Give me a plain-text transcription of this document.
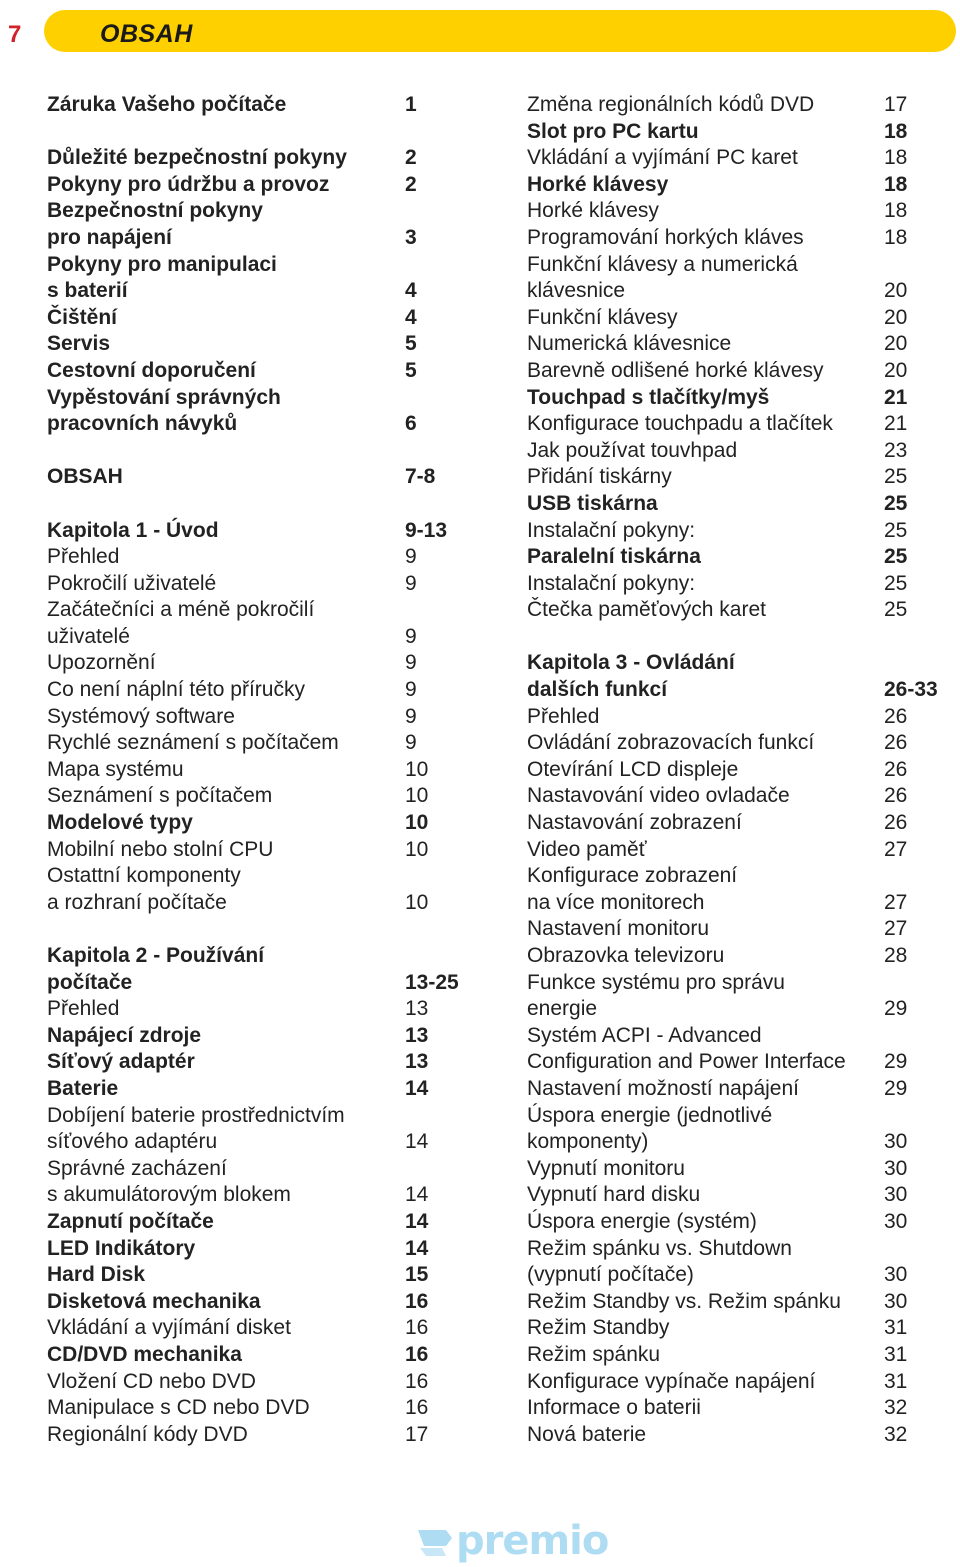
7	OBSAH
Záruka Vašeho počítače	1
Důležité bezpečnostní pokyny	2
Pokyny pro údržbu a provoz	2
Bezpečnostní pokyny
pro napájení	3
Pokyny pro manipulaci
s baterií	4
Čištění	4
Servis	5
Cestovní doporučení	5
Vypěstování správných
pracovních návyků	6
OBSAH	7-8
Kapitola 1 - Úvod	9-13
Přehled	9
Pokročilí uživatelé	9
Začátečníci a méně pokročilí
uživatelé	9
Upozornění	9
Co není náplní této příručky	9
Systémový software	9
Rychlé seznámení s počítačem	9
Mapa systému	10
Seznámení s počítačem	10
Modelové typy	10
Mobilní nebo stolní CPU	10
Ostattní komponenty
a rozhraní počítače	10
Kapitola 2 - Používání
počítače	13-25
Přehled	13
Napájecí zdroje	13
Síťový adaptér	13
Baterie	14
Dobíjení baterie prostřednictvím
síťového adaptéru	14
Správné zacházení
s akumulátorovým blokem	14
Zapnutí počítače	14
LED Indikátory	14
Hard Disk	15
Disketová mechanika	16
Vkládání a vyjímání disket	16
CD/DVD mechanika	16
Vložení CD nebo DVD	16
Manipulace s CD nebo DVD	16
Regionální kódy DVD	17
Změna regionálních kódů DVD	17
Slot pro PC kartu	18
Vkládání a vyjímání PC karet	18
Horké klávesy	18
Horké klávesy	18
Programování horkých kláves	18
Funkční klávesy a numerická
klávesnice	20
Funkční klávesy	20
Numerická klávesnice	20
Barevně odlišené horké klávesy	20
Touchpad s tlačítky/myš	21
Konfigurace touchpadu a tlačítek 21
Jak používat touvhpad	23
Přidání tiskárny	25
USB tiskárna	25
Instalační pokyny:	25
Paralelní tiskárna	25
Instalační pokyny:	25
Čtečka paměťových karet	25
Kapitola 3 - Ovládání
dalších funkcí	26-33
Přehled	26
Ovládání zobrazovacích funkcí	26
Otevírání LCD displeje	26
Nastavování video ovladače	26
Nastavování zobrazení	26
Video paměť	27
Konfigurace zobrazení
na více monitorech	27
Nastavení monitoru	27
Obrazovka televizoru	28
Funkce systému pro správu
energie	29
Systém ACPI - Advanced
Configuration and Power Interface 29
Nastavení možností napájení	29
Úspora energie (jednotlivé
komponenty)	30
Vypnutí monitoru	30
Vypnutí hard disku	30
Úspora energie (systém)	30
Režim spánku vs. Shutdown
(vypnutí počítače)	30
Režim Standby vs. Režim spánku 30
Režim Standby	31
Režim spánku	31
Konfigurace vypínače napájení	31
Informace o baterii	32
Nová baterie	32
premio
